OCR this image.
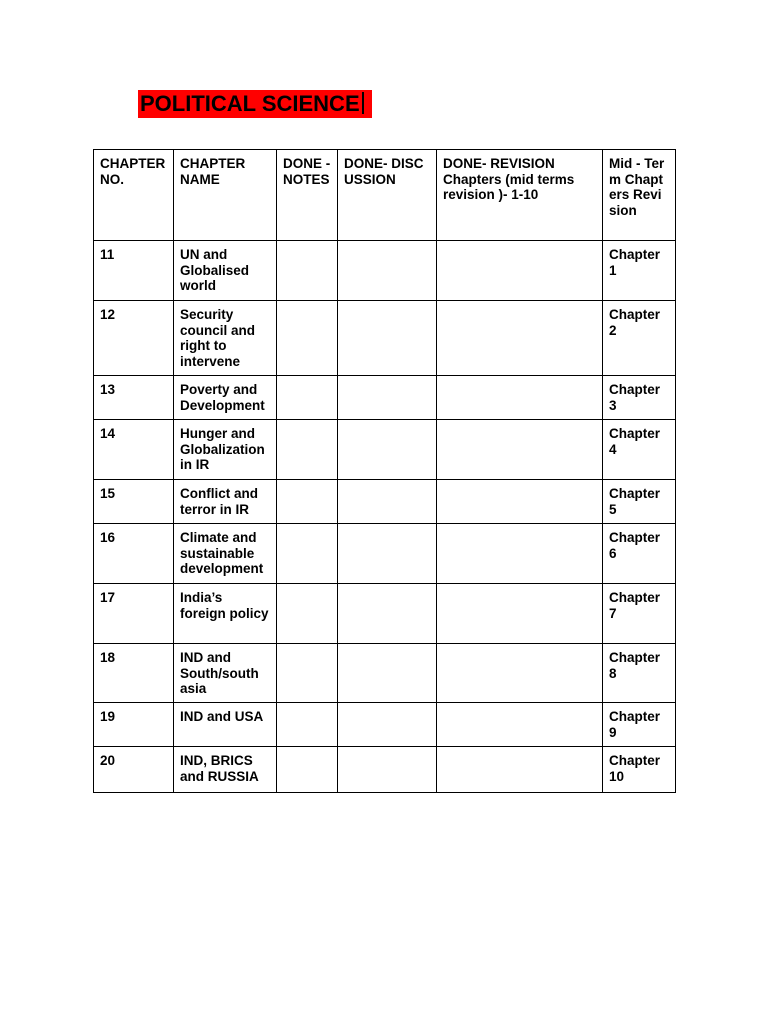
POLITICAL SCIENCE
CHAPTER NO.	CHAPTER NAME	DONE - NOTES	DONE- DISCUSSION	DONE- REVISION Chapters (mid terms revision )- 1-10	Mid - Term Chapters Revision
11	UN and Globalised world				Chapter 1
12	Security council and right to intervene				Chapter 2
13	Poverty and Development				Chapter 3
14	Hunger and Globalization in IR				Chapter 4
15	Conflict and terror in IR				Chapter 5
16	Climate and sustainable development				Chapter 6
17	India’s foreign policy				Chapter 7
18	IND and South/south asia				Chapter 8
19	IND and USA				Chapter 9
20	IND, BRICS and RUSSIA				Chapter 10
